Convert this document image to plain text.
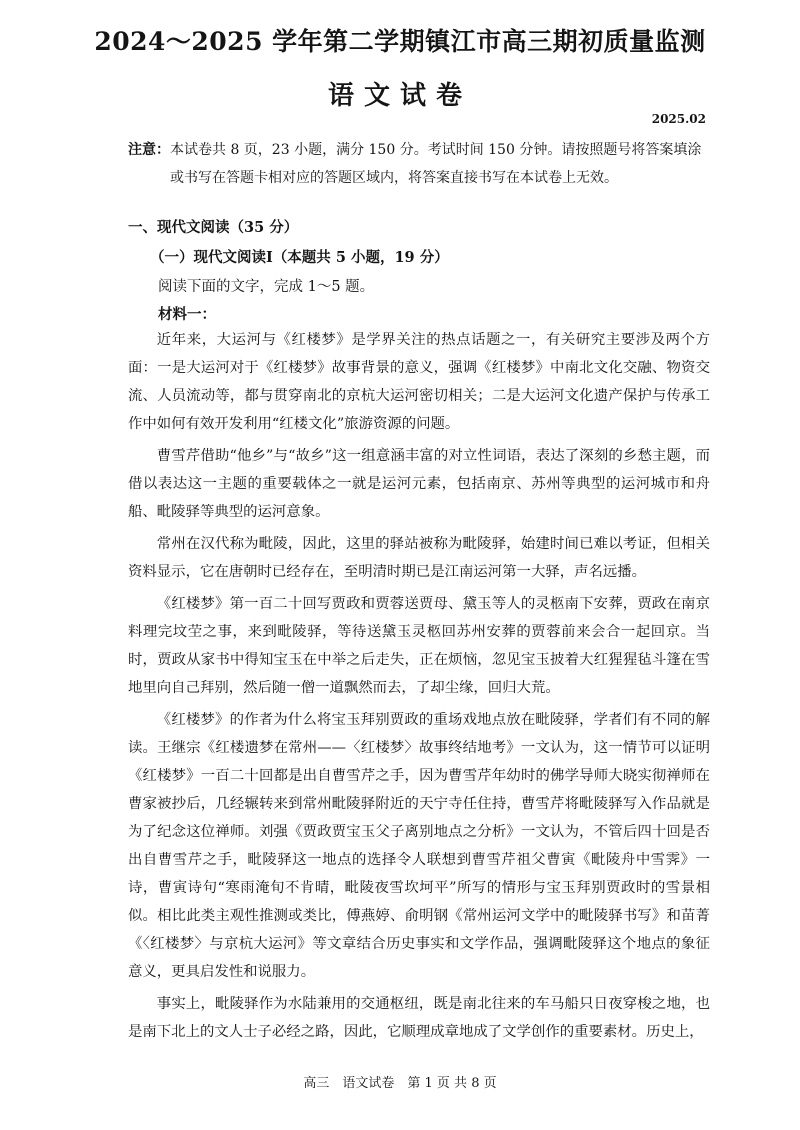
2024～2025 学年第二学期镇江市高三期初质量监测
语文试卷

2025.02

注意：本试卷共 8 页，23 小题，满分 150 分。考试时间 150 分钟。请按照题号将答案填涂
或书写在答题卡相对应的答题区域内，将答案直接书写在本试卷上无效。

一、现代文阅读（35 分）

（一）现代文阅读Ⅰ（本题共 5 小题，19 分）

阅读下面的文字，完成 1～5 题。

材料一：

近年来，大运河与《红楼梦》是学界关注的热点话题之一，有关研究主要涉及两个方面：一是大运河对于《红楼梦》故事背景的意义，强调《红楼梦》中南北文化交融、物资交流、人员流动等，都与贯穿南北的京杭大运河密切相关；二是大运河文化遗产保护与传承工作中如何有效开发利用“红楼文化”旅游资源的问题。

曹雪芹借助“他乡”与“故乡”这一组意涵丰富的对立性词语，表达了深刻的乡愁主题，而借以表达这一主题的重要载体之一就是运河元素，包括南京、苏州等典型的运河城市和舟船、毗陵驿等典型的运河意象。

常州在汉代称为毗陵，因此，这里的驿站被称为毗陵驿，始建时间已难以考证，但相关资料显示，它在唐朝时已经存在，至明清时期已是江南运河第一大驿，声名远播。

《红楼梦》第一百二十回写贾政和贾蓉送贾母、黛玉等人的灵柩南下安葬，贾政在南京料理完坟茔之事，来到毗陵驿，等待送黛玉灵柩回苏州安葬的贾蓉前来会合一起回京。当时，贾政从家书中得知宝玉在中举之后走失，正在烦恼，忽见宝玉披着大红猩猩毡斗篷在雪地里向自己拜别，然后随一僧一道飘然而去，了却尘缘，回归大荒。

《红楼梦》的作者为什么将宝玉拜别贾政的重场戏地点放在毗陵驿，学者们有不同的解读。王继宗《红楼遗梦在常州——〈红楼梦〉故事终结地考》一文认为，这一情节可以证明《红楼梦》一百二十回都是出自曹雪芹之手，因为曹雪芹年幼时的佛学导师大晓实彻禅师在曹家被抄后，几经辗转来到常州毗陵驿附近的天宁寺任住持，曹雪芹将毗陵驿写入作品就是为了纪念这位禅师。刘强《贾政贾宝玉父子离别地点之分析》一文认为，不管后四十回是否出自曹雪芹之手，毗陵驿这一地点的选择令人联想到曹雪芹祖父曹寅《毗陵舟中雪霁》一诗，曹寅诗句“寒雨淹旬不肯晴，毗陵夜雪坎坷平”所写的情形与宝玉拜别贾政时的雪景相似。相比此类主观性推测或类比，傅燕婷、俞明钢《常州运河文学中的毗陵驿书写》和苗菁《〈红楼梦〉与京杭大运河》等文章结合历史事实和文学作品，强调毗陵驿这个地点的象征意义，更具启发性和说服力。

事实上，毗陵驿作为水陆兼用的交通枢纽，既是南北往来的车马船只日夜穿梭之地，也是南下北上的文人士子必经之路，因此，它顺理成章地成了文学创作的重要素材。历史上，

高三　语文试卷　第 1 页 共 8 页
